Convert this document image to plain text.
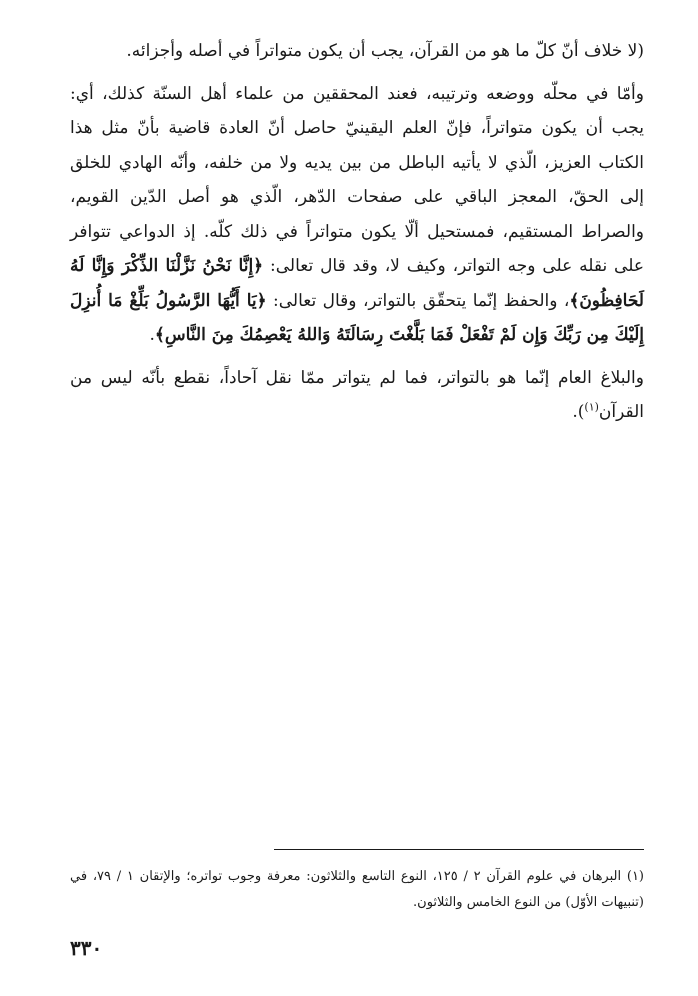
(لا خلاف أنّ كلّ ما هو من القرآن، يجب أن يكون متواتراً في أصله وأجزائه.

وأمّا في محلّه ووضعه وترتيبه، فعند المحققين من علماء أهل السنّة كذلك، أي: يجب أن يكون متواتراً، فإنّ العلم اليقينيّ حاصل أنّ العادة قاضية بأنّ مثل هذا الكتاب العزيز، الّذي لا يأتيه الباطل من بين يديه ولا من خلفه، وأنّه الهادي للخلق إلى الحقّ، المعجز الباقي على صفحات الدّهر، الّذي هو أصل الدّين القويم، والصراط المستقيم، فمستحيل ألّا يكون متواتراً في ذلك كلّه. إذ الدواعي تتوافر على نقله على وجه التواتر، وكيف لا، وقد قال تعالى: ﴿إِنَّا نَحْنُ نَزَّلْنَا الذِّكْرَ وَإِنَّا لَهُ لَحَافِظُونَ﴾، والحفظ إنّما يتحقّق بالتواتر، وقال تعالى: ﴿يَا أَيُّهَا الرَّسُولُ بَلِّغْ مَا أُنزِلَ إِلَيْكَ مِن رَبِّكَ وَإِن لَمْ تَفْعَلْ فَمَا بَلَّغْتَ رِسَالَتَهُ وَاللهُ يَعْصِمُكَ مِنَ النَّاسِ﴾.

والبلاغ العام إنّما هو بالتواتر، فما لم يتواتر ممّا نقل آحاداً، نقطع بأنّه ليس من القرآن$^{(١)}$).

(١) البرهان في علوم القرآن ٢ / ١٢٥، النوع التاسع والثلاثون: معرفة وجوب تواتره؛ والإتقان ١ / ٧٩، في (تنبيهات الأوّل) من النوع الخامس والثلاثون.

٣٣٠
